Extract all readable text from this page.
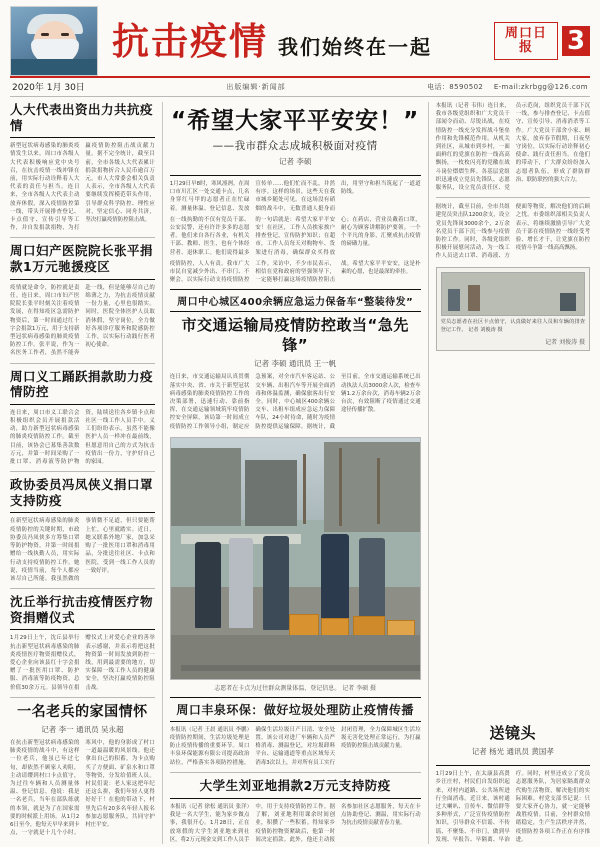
抗击疫情 我们始终在一起
周口日报	3
2020年 1月 30日	出版编辑·新闻部	电话：8590502 E-mail:zkrbgg@126.com
人大代表出资出力共抗疫情
新型冠状病毒感染的肺炎疫情发生以来，周口市各级人大代表积极响应党中央号召，在抗击疫情一线冲锋在前，用实际行动诠释着人大代表的责任与担当。连日来，全市各级人大代表主动放弃休假，深入疫情防控第一线，带头开展排查登记、卡点值守、宣传引导等工作，并自发捐款捐物，为打赢疫情防控阻击战贡献力量。据不完全统计，截至目前，全市各级人大代表累计捐款捐物折合人民币逾百万元。市人大常委会相关负责人表示，全市各级人大代表要继续发挥模范带头作用，引导群众科学防控、理性应对，坚定信心、同舟共济，坚决打赢疫情防控阻击战。
周口妇产医院院长张平捐款1万元驰援疫区
疫情就是命令，防控就是责任。连日来，周口市妇产医院院长张平时刻关注着疫情发展，在得知疫区急需防护物资后，第一时间通过红十字会捐款1万元，用于支持新型冠状病毒感染的肺炎疫情防控工作。张平说，作为一名医务工作者，虽然不能奔赴一线，但是能够尽自己的绵薄之力，为抗击疫情贡献一份力量，心里也很踏实。同时，医院全体医护人员取消休假，坚守岗位，全力做好各项诊疗服务和院感防控工作，以实际行动践行医者初心使命。
周口义工踊跃捐款助力疫情防控
连日来，周口市义工联合会积极组织会员开展捐款活动，助力新型冠状病毒感染的肺炎疫情防控工作。截至目前，该协会已募集善款数万元，并第一时间采购了一批口罩、消毒液等防护物资，陆续送往各乡镇卡点和社区一线工作人员手中。义工们纷纷表示，虽然不能像医护人员一样冲在最前线，但愿意用自己的方式为抗击疫情出一份力，守护好自己的家园。
政协委员冯凤侠义捐口罩支持防疫
在新型冠状病毒感染的肺炎疫情防控的关键时期，市政协委员冯凤侠多方筹集口罩等防护物资，并第一时间捐赠给一线执勤人员，用实际行动支持疫情防控工作。她说，疫情当前，每个人都应该尽自己所能。我虽然做的事情微不足道，但只要能帮上忙，心里就踏实。近日，她又联系外地厂家，加急采购了一批医用口罩和消毒用品，分批送往社区、卡点和医院，受到一线工作人员的一致好评。
沈丘举行抗击疫情医疗物资捐赠仪式
1月29日上午，沈丘县举行抗击新型冠状病毒感染的肺炎疫情医疗物资捐赠仪式，爱心企业向该县红十字会捐赠了一批医用口罩、防护服、消毒液等防疫物资，总价值30余万元。县领导在捐赠仪式上对爱心企业的善举表示感谢，并表示将把这批物资第一时间发放到防控一线，用到最需要的地方，切实保障一线工作人员的健康安全，坚决打赢疫情防控阻击战。
一名老兵的家国情怀
记者 李一 通讯员 吴永超
在抗击新型冠状病毒感染的肺炎疫情的战斗中，有这样一位老兵，他虽已年过七旬，却依然不顾家人劝阻，主动请缨到村口卡点值守，为过往车辆和人员测量体温、登记信息。他说：我是一名老兵，当年在部队练就的本领，就是为了在国家需要的时候派上用场。从1月26日至今，他每天早早来到卡点，一守就是十几个小时。寒风中，他的身影成了村口一道最温暖的风景线。他还拿出自己的积蓄，为卡点购买了方便面、矿泉水和口罩等物资，分发给值班人员。村民们说：老人家这把年纪还这么拼，我们年轻人更得好好干！在他的带动下，村里先后有20多名年轻人报名参加志愿服务队，共同守护村庄平安。
“希望大家平平安安！”
——我市群众志成城积极面对疫情
记者 李硕
1月29日早8时，寒风凛冽。在周口市川汇区一处交通卡点，几名身穿红马甲的志愿者正在忙碌着。测量体温、登记信息、发放宣传单……他们忙而不乱，井然有序。这样的场景，这些天在我市城乡随处可见。在这场没有硝烟的战斗中，无数普通人挺身而出，用坚守和担当筑起了一道道防线。
在一线执勤的不仅有党员干部、公安民警，还有许许多多的志愿者。他们来自各行各业，有机关干部、教师、医生，也有个体经营者、退休职工。他们说得最多的一句话就是：希望大家平平安安！在社区，工作人员挨家挨户排查登记，宣传防护知识；在超市，工作人员每天对购物车、货架进行消毒，确保群众买得放心；在药店，营业员戴着口罩，耐心为顾客讲解防护要领。一个个平凡的身影，汇聚成抗击疫情的磅礴力量。
疫情防控，人人有责。我市广大市民自觉减少外出、不串门、不聚会，以实际行动支持疫情防控工作。采访中，不少市民表示，相信在党和政府的坚强领导下，一定能够打赢这场疫情防控阻击战。希望大家平平安安，这是朴素的心愿，也是最深的牵挂。
周口中心城区400余辆应急运力保备车“整装待发”
市交通运输局疫情防控敢当“急先锋”
记者 李硕 通讯员 王一帆
连日来，市交通运输局认真贯彻落实中央、省、市关于新型冠状病毒感染的肺炎疫情防控工作的决策部署，迅速行动、靠前指挥，在交通运输领域筑牢疫情防控安全屏障。该局第一时间成立疫情防控工作领导小组，制定应急预案，对全市汽车客运站、公交车辆、出租汽车等开展全面消毒和体温监测，确保旅客出行安全。同时，中心城区400余辆公交车、出租车组成应急运力保障车队，24小时待命，随时为疫情防控提供运输保障。据统计，截至目前，全市交通运输系统已出动执法人员3000余人次，检查车辆1.2万余台次，消毒车辆2万余台次，有效阻断了疫情通过交通途径传播扩散。
志愿者在卡点为过往群众测量体温、登记信息。 记者 李硕 摄
周口丰泉环保：做好垃圾处理防止疫情传播
本报讯（记者 王晨 通讯员 李鹏）疫情防控期间，生活垃圾处理是防止疫情传播的重要环节。周口丰泉环保能源有限公司提高政治站位，严格落实各项防控措施，确保生活垃圾日产日清、安全处置。该公司对进厂车辆和人员严格消毒、测温登记，对垃圾卸料平台、运输通道等重点区域每天消毒3次以上，并对所有员工实行封闭管理，全力保障城区生活垃圾无害化处理正常运行，为打赢疫情防控阻击战贡献力量。
大学生刘亚地捐款2万元支持防疫
本报讯（记者 徐松 通讯员 张洋）我是一名大学生，能为家乡做点事，我很开心。1月28日，正在放寒假的大学生刘亚地来到社区，将2万元现金交到工作人员手中，用于支持疫情防控工作。据了解，刘亚地利用课余时间创业，积攒了一些积蓄。得知家乡疫情防控物资紧缺后，他第一时间决定捐款。此外，他还主动报名参加社区志愿服务，每天在卡点协助登记、测温，用实际行动为抗击疫情贡献青春力量。
本报讯（记者 韦伟）连日来，我市各级党组织和广大党员干部闻令而动、尽锐出战，在疫情防控一线充分发挥战斗堡垒作用和先锋模范作用。从机关到社区，从城市到乡村，一面面鲜红的党旗在防控一线高高飘扬，一枚枚闪亮的党徽在战斗岗位熠熠生辉。各基层党组织迅速成立党员先锋队、志愿服务队，设立党员责任区、党员示范岗，组织党员干部下沉一线，参与排查登记、卡点值守、宣传引导、消毒消杀等工作。广大党员干部舍小家、顾大家，放弃春节假期，日夜坚守岗位，以实际行动诠释初心使命、践行责任担当。在他们的带动下，广大群众纷纷加入志愿者队伍，形成了群防群治、联防联控的强大合力。
据统计，截至目前，全市共组建党员突击队1200余支，设立党员先锋岗3000余个，2万余名党员干部下沉一线参与疫情防控工作。同时，各级党组织积极开展慰问活动，为一线工作人员送去口罩、消毒液、方便面等物资，解决他们的后顾之忧。市委组织部相关负责人表示，将继续激励引导广大党员干部在疫情防控一线经受考验、增长才干，让党旗在防控疫情斗争第一线高高飘扬。
党员志愿者在社区卡点值守，认真做好来往人员和车辆的排查登记工作。 记者 刘俊涛 摄
记者 刘俊涛 摄
送镜头
记者 杨光 通讯员 黄国孝
1月29日上午，在太康县高贤乡汪庄村，村民们自发组织起来，对村内道路、公共场所进行全面消毒。近日来，该村通过大喇叭、宣传车、微信群等多种形式，广泛宣传疫情防控知识，引导群众不信谣、不传谣、不聚集、不串门，做到早发现、早报告、早隔离、早治疗。同时，村里还成立了党员志愿服务队，为居家隔离群众代购生活物资，解决他们的实际困难。村党支部书记说：只要大家齐心协力，就一定能够战胜疫情。目前，全村群众情绪稳定，生产生活秩序井然，疫情防控各项工作正在有序推进。
